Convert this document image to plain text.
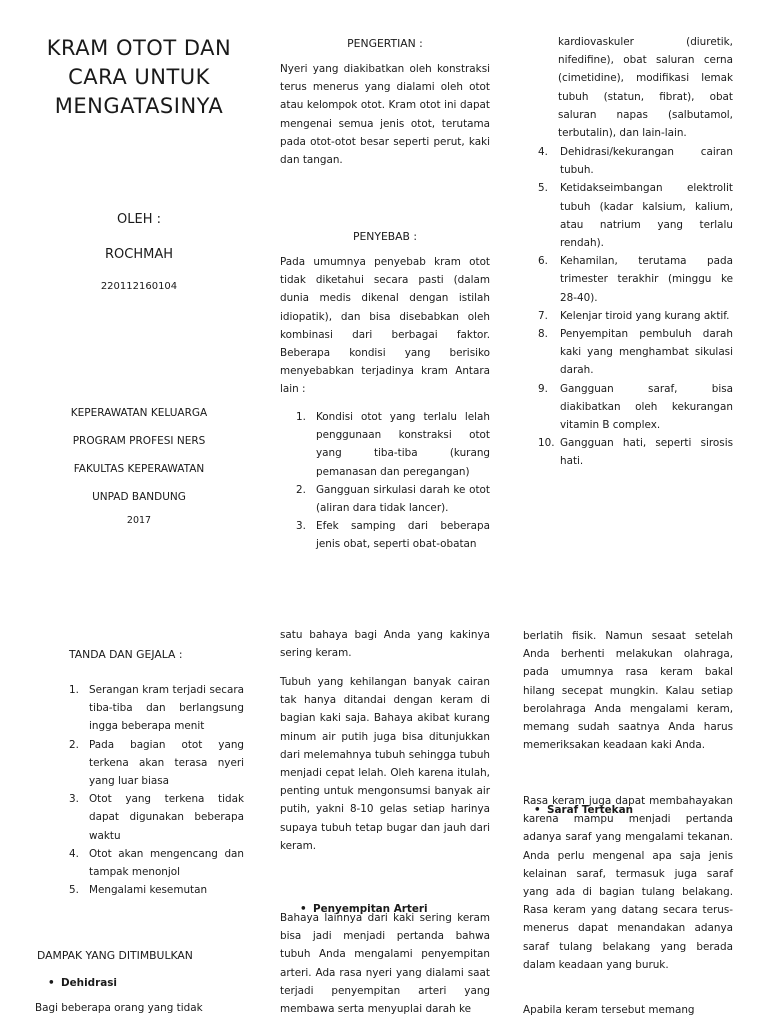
KRAM OTOT DAN
CARA UNTUK
MENGATASINYA
OLEH :
ROCHMAH
220112160104
KEPERAWATAN KELUARGA
PROGRAM PROFESI NERS
FAKULTAS KEPERAWATAN
UNPAD BANDUNG
2017
PENGERTIAN :

Nyeri yang diakibatkan oleh konstraksi terus menerus yang dialami oleh otot atau kelompok otot. Kram otot ini dapat mengenai semua jenis otot, terutama pada otot-otot besar seperti perut, kaki dan tangan.

PENYEBAB :

Pada umumnya penyebab kram otot tidak diketahui secara pasti (dalam dunia medis dikenal dengan istilah idiopatik), dan bisa disebabkan oleh kombinasi dari berbagai faktor. Beberapa kondisi yang berisiko menyebabkan terjadinya kram Antara lain :

1. Kondisi otot yang terlalu lelah penggunaan konstraksi otot yang tiba-tiba (kurang pemanasan dan peregangan)
2. Gangguan sirkulasi darah ke otot (aliran dara tidak lancer).
3. Efek samping dari beberapa jenis obat, seperti obat-obatan

kardiovaskuler (diuretik, nifedifine), obat saluran cerna (cimetidine), modifikasi lemak tubuh (statun, fibrat), obat saluran napas (salbutamol, terbutalin), dan lain-lain.

4. Dehidrasi/kekurangan cairan tubuh.
5. Ketidakseimbangan elektrolit tubuh (kadar kalsium, kalium, atau natrium yang terlalu rendah).
6. Kehamilan, terutama pada trimester terakhir (minggu ke 28-40).
7. Kelenjar tiroid yang kurang aktif.
8. Penyempitan pembuluh darah kaki yang menghambat sikulasi darah.
9. Gangguan saraf, bisa diakibatkan oleh kekurangan vitamin B complex.
10. Gangguan hati, seperti sirosis hati.
TANDA DAN GEJALA :
1. Serangan kram terjadi secara tiba-tiba dan berlangsung ingga beberapa menit
2. Pada bagian otot yang terkena akan terasa nyeri yang luar biasa
3. Otot yang terkena tidak dapat digunakan beberapa waktu
4. Otot akan mengencang dan tampak menonjol
5. Mengalami kesemutan
DAMPAK YANG DITIMBULKAN
• Dehidrasi

Bagi beberapa orang yang tidak

satu bahaya bagi Anda yang kakinya sering keram.

Tubuh yang kehilangan banyak cairan tak hanya ditandai dengan keram di bagian kaki saja. Bahaya akibat kurang minum air putih juga bisa ditunjukkan dari melemahnya tubuh sehingga tubuh menjadi cepat lelah. Oleh karena itulah, penting untuk mengonsumsi banyak air putih, yakni 8-10 gelas setiap harinya supaya tubuh tetap bugar dan jauh dari keram.

• Penyempitan Arteri

Bahaya lainnya dari kaki sering keram bisa jadi menjadi pertanda bahwa tubuh Anda mengalami penyempitan arteri. Ada rasa nyeri yang dialami saat terjadi penyempitan arteri yang membawa serta menyuplai darah ke

berlatih fisik. Namun sesaat setelah Anda berhenti melakukan olahraga, pada umumnya rasa keram bakal hilang secepat mungkin. Kalau setiap berolahraga Anda mengalami keram, memang sudah saatnya Anda harus memeriksakan keadaan kaki Anda.

• Saraf Tertekan

Rasa keram juga dapat membahayakan karena mampu menjadi pertanda adanya saraf yang mengalami tekanan. Anda perlu mengenal apa saja jenis kelainan saraf, termasuk juga saraf yang ada di bagian tulang belakang. Rasa keram yang datang secara terus-menerus dapat menandakan adanya saraf tulang belakang yang berada dalam keadaan yang buruk.

Apabila keram tersebut memang
